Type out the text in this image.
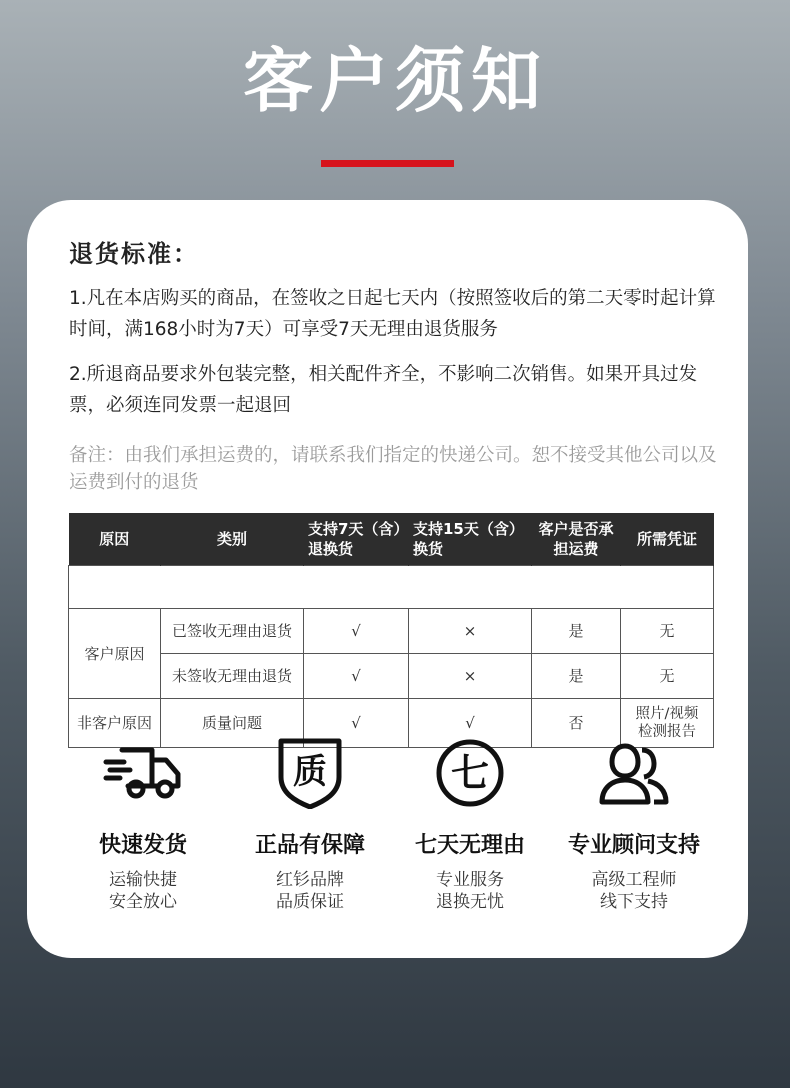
客户须知
退货标准：
1.凡在本店购买的商品，在签收之日起七天内（按照签收后的第二天零时起计算时间，满168小时为7天）可享受7天无理由退货服务
2.所退商品要求外包装完整，相关配件齐全，不影响二次销售。如果开具过发票，必须连同发票一起退回
备注：由我们承担运费的，请联系我们指定的快递公司。恕不接受其他公司以及运费到付的退货
原因	类别	支持7天（含）退换货	支持15天（含）换货	客户是否承担运费	所需凭证

客户原因	已签收无理由退货	√	×	是	无
	未签收无理由退货	√	×	是	无
非客户原因	质量问题	√	√	否	照片/视频检测报告
快速发货
运输快捷
安全放心
质
正品有保障
红钐品牌
品质保证
七
七天无理由
专业服务
退换无忧
专业顾问支持
高级工程师
线下支持
